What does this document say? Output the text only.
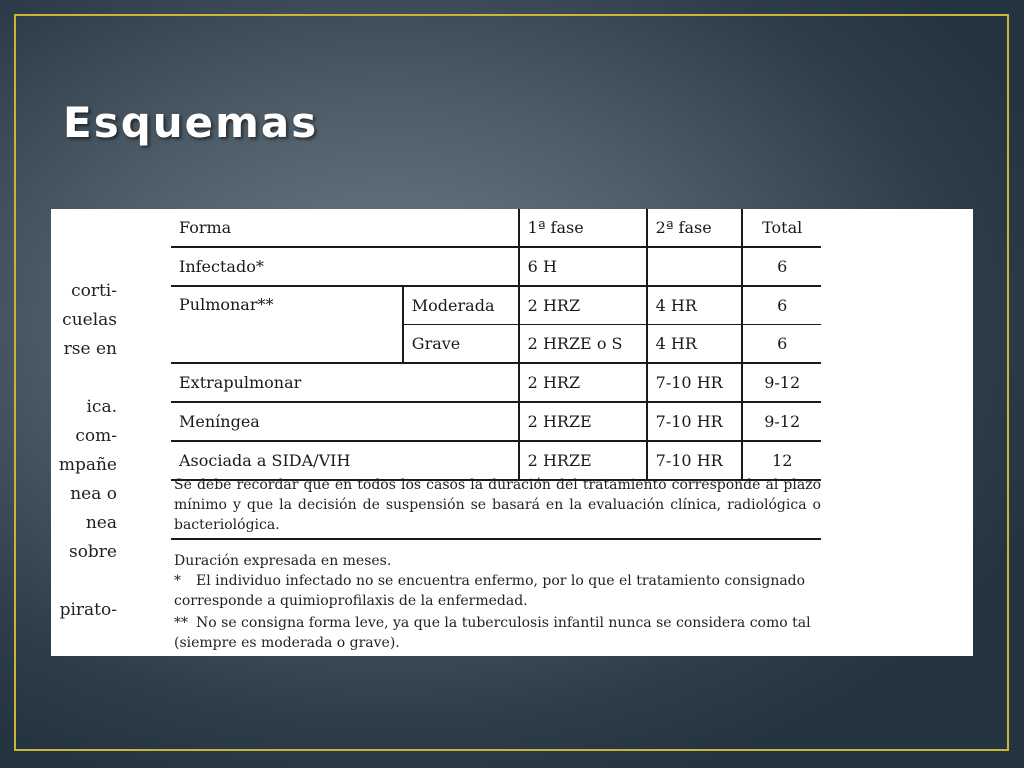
Esquemas
corti-
cuelas
rse en
ica.
com-
mpañe
nea o
nea
sobre
pirato-
Forma		1ª fase	2ª fase	Total
Infectado*		6 H		6
Pulmonar**	Moderada	2 HRZ	4 HR	6
	Grave	2 HRZE o S	4 HR	6
Extrapulmonar		2 HRZ	7-10 HR	9-12
Meníngea		2 HRZE	7-10 HR	9-12
Asociada a SIDA/VIH		2 HRZE	7-10 HR	12

Se debe recordar que en todos los casos la duración del tratamiento corresponde al plazo mínimo y que la decisión de suspensión se basará en la evaluación clínica, radiológica o bacteriológica.

Duración expresada en meses.
* El individuo infectado no se encuentra enfermo, por lo que el tratamiento consignado corresponde a quimioprofilaxis de la enfermedad.
** No se consigna forma leve, ya que la tuberculosis infantil nunca se considera como tal (siempre es moderada o grave).
